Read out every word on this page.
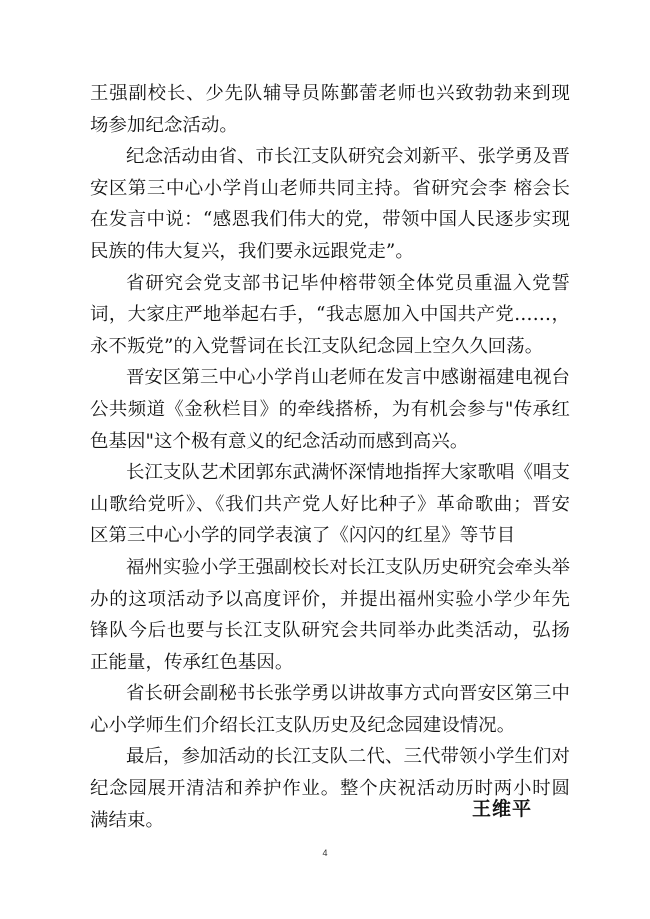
王强副校长、少先队辅导员陈鄞蕾老师也兴致勃勃来到现场参加纪念活动。

纪念活动由省、市长江支队研究会刘新平、张学勇及晋安区第三中心小学肖山老师共同主持。省研究会李 榕会长在发言中说：“感恩我们伟大的党，带领中国人民逐步实现民族的伟大复兴，我们要永远跟党走”。

省研究会党支部书记毕仲榕带领全体党员重温入党誓词，大家庄严地举起右手，“我志愿加入中国共产党……，永不叛党”的入党誓词在长江支队纪念园上空久久回荡。

晋安区第三中心小学肖山老师在发言中感谢福建电视台公共频道《金秋栏目》的牵线搭桥，为有机会参与"传承红色基因"这个极有意义的纪念活动而感到高兴。

长江支队艺术团郭东武满怀深情地指挥大家歌唱《唱支山歌给党听》、《我们共产党人好比种子》革命歌曲；晋安区第三中心小学的同学表演了《闪闪的红星》等节目

福州实验小学王强副校长对长江支队历史研究会牵头举办的这项活动予以高度评价，并提出福州实验小学少年先锋队今后也要与长江支队研究会共同举办此类活动，弘扬正能量，传承红色基因。

省长研会副秘书长张学勇以讲故事方式向晋安区第三中心小学师生们介绍长江支队历史及纪念园建设情况。

最后，参加活动的长江支队二代、三代带领小学生们对纪念园展开清洁和养护作业。整个庆祝活动历时两小时圆满结束。

王维平
4
